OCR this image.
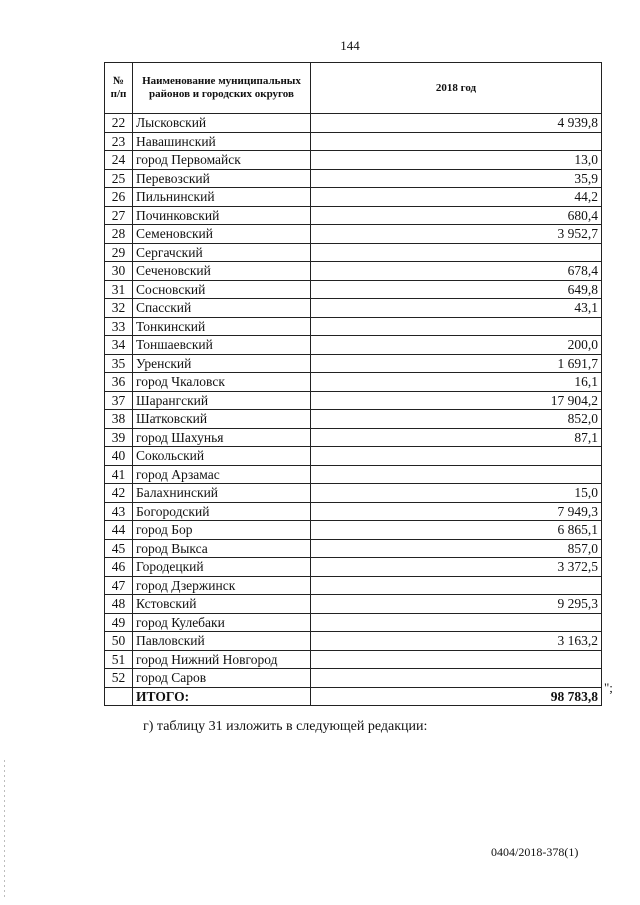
144
№ п/п	Наименование муниципальных районов и городских округов	2018 год
22	Лысковский	4 939,8
23	Навашинский	
24	город Первомайск	13,0
25	Перевозский	35,9
26	Пильнинский	44,2
27	Починковский	680,4
28	Семеновский	3 952,7
29	Сергачский	
30	Сеченовский	678,4
31	Сосновский	649,8
32	Спасский	43,1
33	Тонкинский	
34	Тоншаевский	200,0
35	Уренский	1 691,7
36	город Чкаловск	16,1
37	Шарангский	17 904,2
38	Шатковский	852,0
39	город Шахунья	87,1
40	Сокольский	
41	город Арзамас	
42	Балахнинский	15,0
43	Богородский	7 949,3
44	город Бор	6 865,1
45	город Выкса	857,0
46	Городецкий	3 372,5
47	город Дзержинск	
48	Кстовский	9 295,3
49	город Кулебаки	
50	Павловский	3 163,2
51	город Нижний Новгород	
52	город Саров	
	ИТОГО:	98 783,8
";
г) таблицу 31 изложить в следующей редакции:
0404/2018-378(1)
